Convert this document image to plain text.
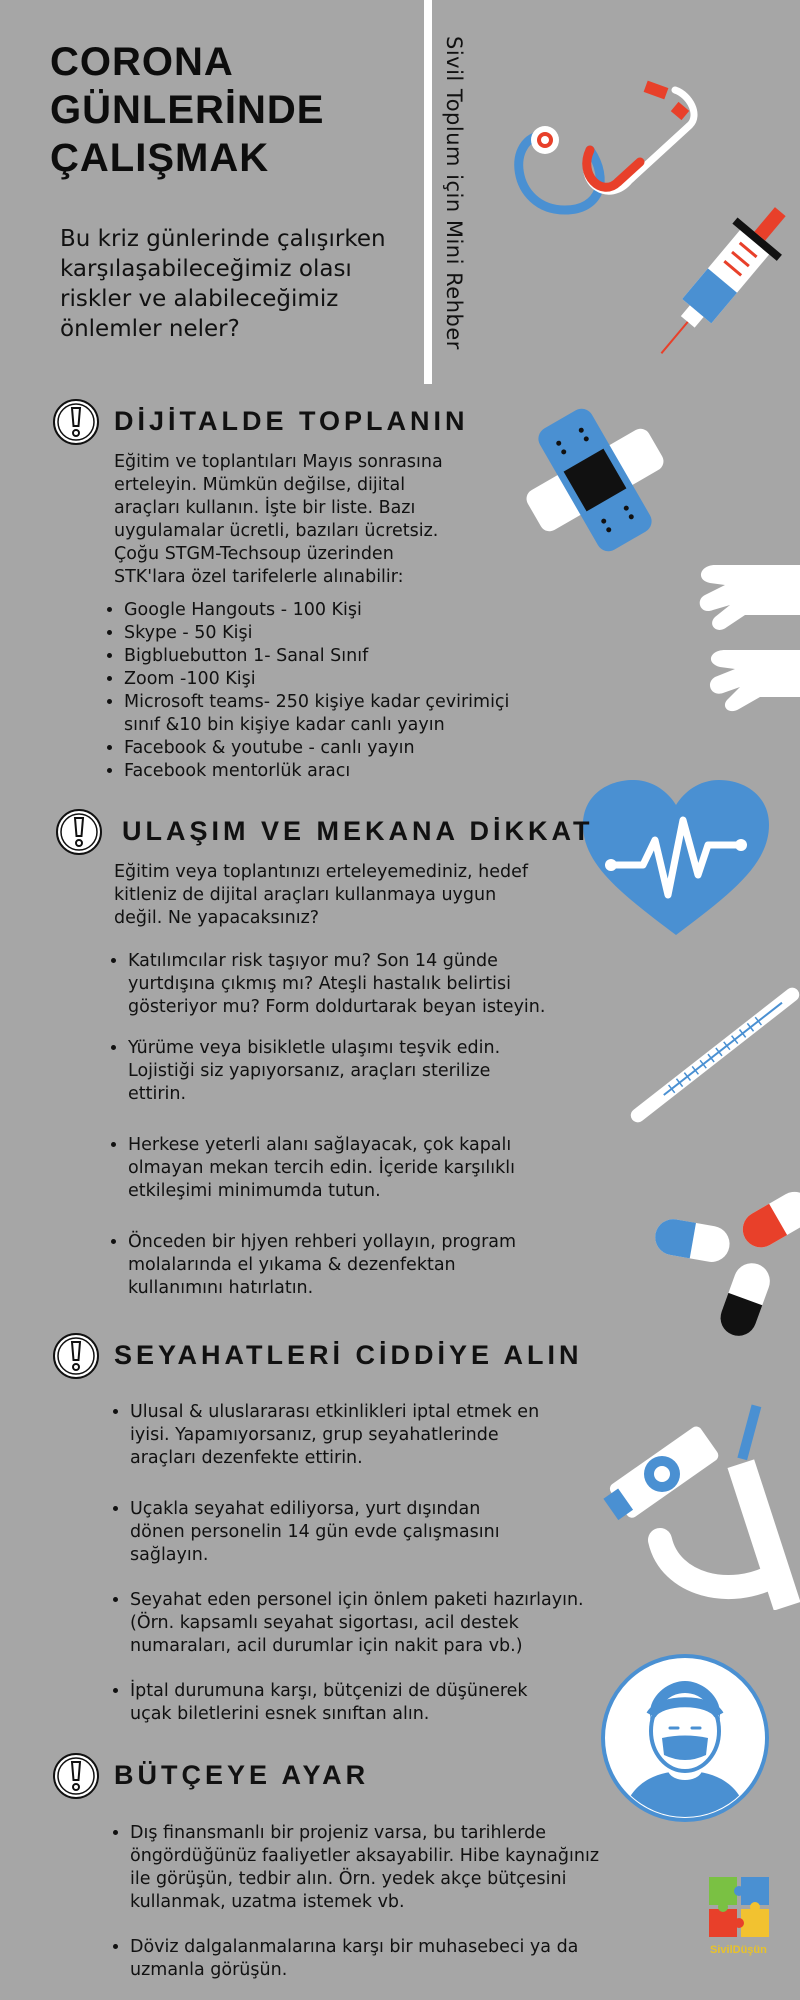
CORONA
GÜNLERİNDE
ÇALIŞMAK
Bu kriz günlerinde çalışırken karşılaşabileceğimiz olası riskler ve alabileceğimiz önlemler neler?	Sivil Toplum için Mini Rehber
SivilDüşün
DİJİTALDE TOPLANIN
Eğitim ve toplantıları Mayıs sonrasına erteleyin. Mümkün değilse, dijital araçları kullanın. İşte bir liste. Bazı uygulamalar ücretli, bazıları ücretsiz. Çoğu STGM-Techsoup üzerinden STK'lara özel tarifelerle alınabilir:
• Google Hangouts - 100 Kişi
• Skype - 50 Kişi
• Bigbluebutton 1- Sanal Sınıf
• Zoom -100 Kişi
• Microsoft teams- 250 kişiye kadar çevirimiçi sınıf &10 bin kişiye kadar canlı yayın
• Facebook & youtube - canlı yayın
• Facebook mentorlük aracı
ULAŞIM VE MEKANA DİKKAT
Eğitim veya toplantınızı erteleyemediniz, hedef kitleniz de dijital araçları kullanmaya uygun değil. Ne yapacaksınız?
• Katılımcılar risk taşıyor mu? Son 14 günde yurtdışına çıkmış mı? Ateşli hastalık belirtisi gösteriyor mu? Form doldurtarak beyan isteyin.
• Yürüme veya bisikletle ulaşımı teşvik edin. Lojistiği siz yapıyorsanız, araçları sterilize ettirin.
• Herkese yeterli alanı sağlayacak, çok kapalı olmayan mekan tercih edin. İçeride karşılıklı etkileşimi minimumda tutun.
• Önceden bir hjyen rehberi yollayın, program molalarında el yıkama & dezenfektan kullanımını hatırlatın.
SEYAHATLERİ CİDDİYE ALIN
• Ulusal & uluslararası etkinlikleri iptal etmek en iyisi. Yapamıyorsanız, grup seyahatlerinde araçları dezenfekte ettirin.
• Uçakla seyahat ediliyorsa, yurt dışından dönen personelin 14 gün evde çalışmasını sağlayın.
• Seyahat eden personel için önlem paketi hazırlayın. (Örn. kapsamlı seyahat sigortası, acil destek numaraları, acil durumlar için nakit para vb.)
• İptal durumuna karşı, bütçenizi de düşünerek uçak biletlerini esnek sınıftan alın.
BÜTÇEYE AYAR
• Dış finansmanlı bir projeniz varsa, bu tarihlerde öngördüğünüz faaliyetler aksayabilir. Hibe kaynağınız ile görüşün, tedbir alın. Örn. yedek akçe bütçesini kullanmak, uzatma istemek vb.
• Döviz dalgalanmalarına karşı bir muhasebeci ya da uzmanla görüşün.
